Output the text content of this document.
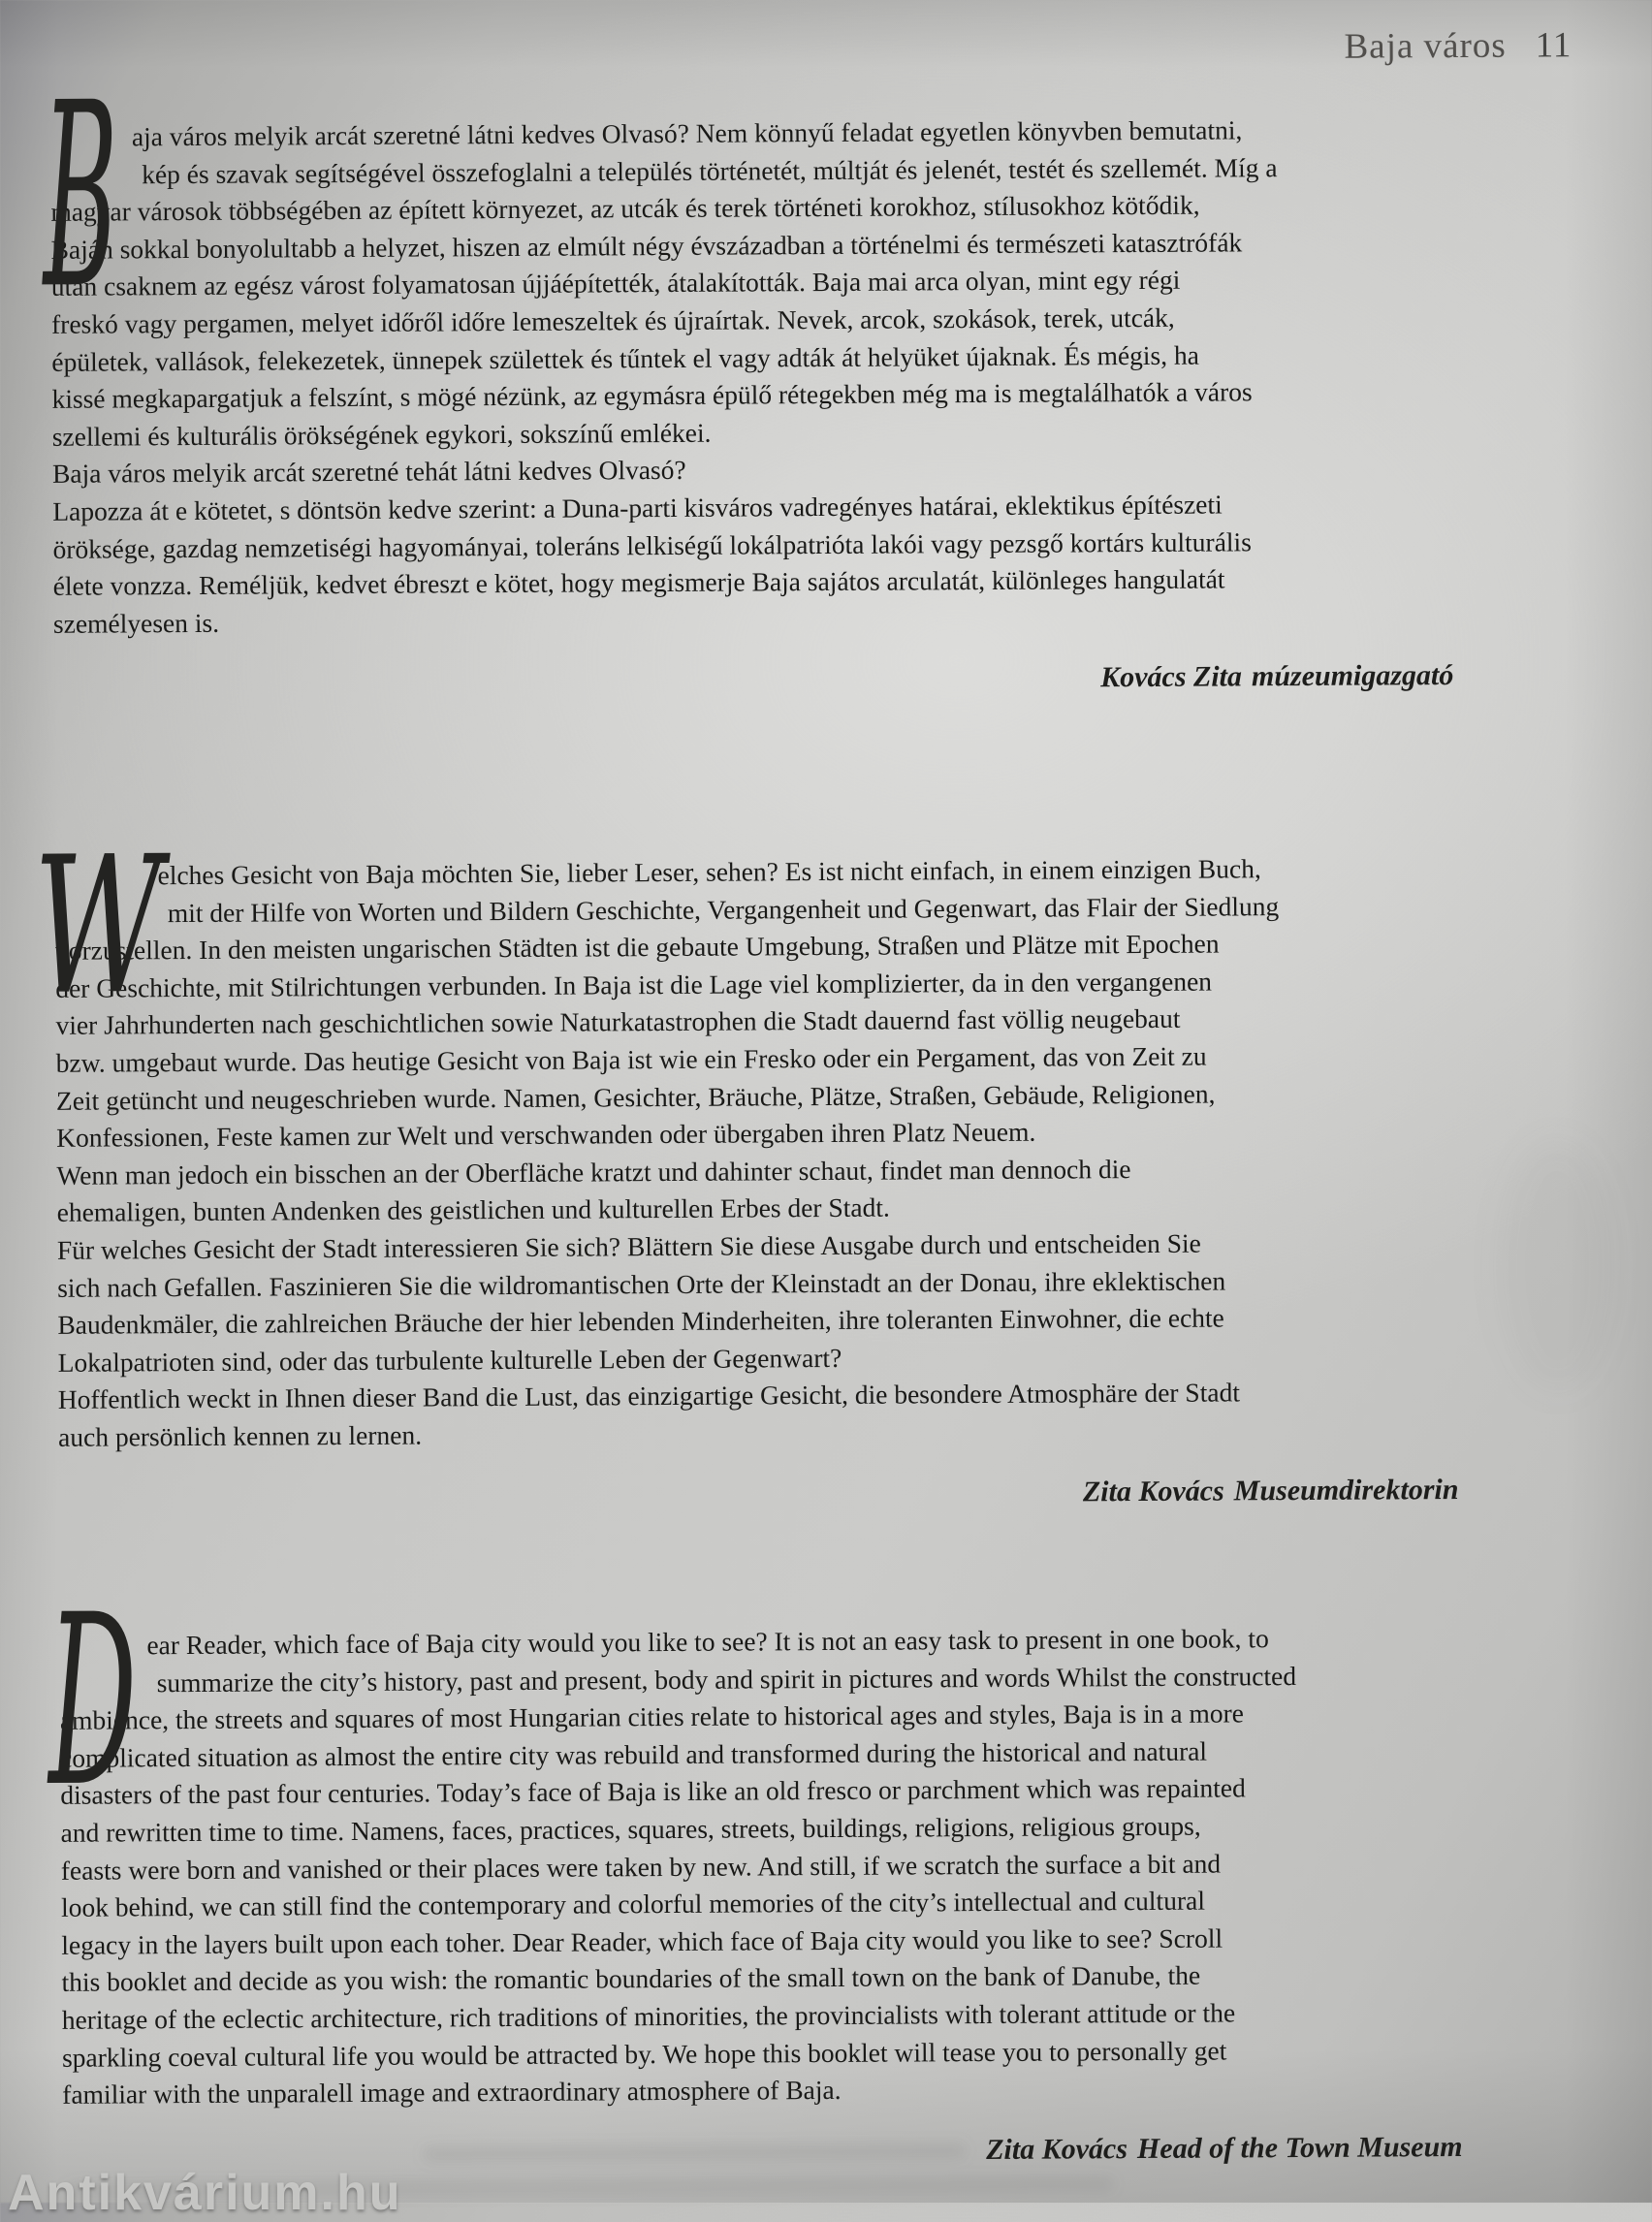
Baja város 11
B aja város melyik arcát szeretné látni kedves Olvasó? Nem könnyű feladat egyetlen könyvben bemutatni,
kép és szavak segítségével összefoglalni a település történetét, múltját és jelenét, testét és szellemét. Míg a
magyar városok többségében az épített környezet, az utcák és terek történeti korokhoz, stílusokhoz kötődik,
Baján sokkal bonyolultabb a helyzet, hiszen az elmúlt négy évszázadban a történelmi és természeti katasztrófák
után csaknem az egész várost folyamatosan újjáépítették, átalakították. Baja mai arca olyan, mint egy régi
freskó vagy pergamen, melyet időről időre lemeszeltek és újraírtak. Nevek, arcok, szokások, terek, utcák,
épületek, vallások, felekezetek, ünnepek születtek és tűntek el vagy adták át helyüket újaknak. És mégis, ha
kissé megkapargatjuk a felszínt, s mögé nézünk, az egymásra épülő rétegekben még ma is megtalálhatók a város
szellemi és kulturális örökségének egykori, sokszínű emlékei.
Baja város melyik arcát szeretné tehát látni kedves Olvasó?
Lapozza át e kötetet, s döntsön kedve szerint: a Duna-parti kisváros vadregényes határai, eklektikus építészeti
öröksége, gazdag nemzetiségi hagyományai, toleráns lelkiségű lokálpatrióta lakói vagy pezsgő kortárs kulturális
élete vonzza. Reméljük, kedvet ébreszt e kötet, hogy megismerje Baja sajátos arculatát, különleges hangulatát
személyesen is.
Kovács Zita múzeumigazgató
W
elches Gesicht von Baja möchten Sie, lieber Leser, sehen? Es ist nicht einfach, in einem einzigen Buch,
mit der Hilfe von Worten und Bildern Geschichte, Vergangenheit und Gegenwart, das Flair der Siedlung
vorzustellen. In den meisten ungarischen Städten ist die gebaute Umgebung, Straßen und Plätze mit Epochen
der Geschichte, mit Stilrichtungen verbunden. In Baja ist die Lage viel komplizierter, da in den vergangenen
vier Jahrhunderten nach geschichtlichen sowie Naturkatastrophen die Stadt dauernd fast völlig neugebaut
bzw. umgebaut wurde. Das heutige Gesicht von Baja ist wie ein Fresko oder ein Pergament, das von Zeit zu
Zeit getüncht und neugeschrieben wurde. Namen, Gesichter, Bräuche, Plätze, Straßen, Gebäude, Religionen,
Konfessionen, Feste kamen zur Welt und verschwanden oder übergaben ihren Platz Neuem.
Wenn man jedoch ein bisschen an der Oberfläche kratzt und dahinter schaut, findet man dennoch die
ehemaligen, bunten Andenken des geistlichen und kulturellen Erbes der Stadt.
Für welches Gesicht der Stadt interessieren Sie sich? Blättern Sie diese Ausgabe durch und entscheiden Sie
sich nach Gefallen. Faszinieren Sie die wildromantischen Orte der Kleinstadt an der Donau, ihre eklektischen
Baudenkmäler, die zahlreichen Bräuche der hier lebenden Minderheiten, ihre toleranten Einwohner, die echte
Lokalpatrioten sind, oder das turbulente kulturelle Leben der Gegenwart?
Hoffentlich weckt in Ihnen dieser Band die Lust, das einzigartige Gesicht, die besondere Atmosphäre der Stadt
auch persönlich kennen zu lernen.
Zita Kovács Museumdirektorin
D ear Reader, which face of Baja city would you like to see? It is not an easy task to present in one book, to
summarize the city’s history, past and present, body and spirit in pictures and words Whilst the constructed
ambience, the streets and squares of most Hungarian cities relate to historical ages and styles, Baja is in a more
complicated situation as almost the entire city was rebuild and transformed during the historical and natural
disasters of the past four centuries. Today’s face of Baja is like an old fresco or parchment which was repainted
and rewritten time to time. Namens, faces, practices, squares, streets, buildings, religions, religious groups,
feasts were born and vanished or their places were taken by new. And still, if we scratch the surface a bit and
look behind, we can still find the contemporary and colorful memories of the city’s intellectual and cultural
legacy in the layers built upon each toher. Dear Reader, which face of Baja city would you like to see? Scroll
this booklet and decide as you wish: the romantic boundaries of the small town on the bank of Danube, the
heritage of the eclectic architecture, rich traditions of minorities, the provincialists with tolerant attitude or the
sparkling coeval cultural life you would be attracted by. We hope this booklet will tease you to personally get
familiar with the unparalell image and extraordinary atmosphere of Baja.
Zita Kovács Head of the Town Museum
Antikvárium.hu
